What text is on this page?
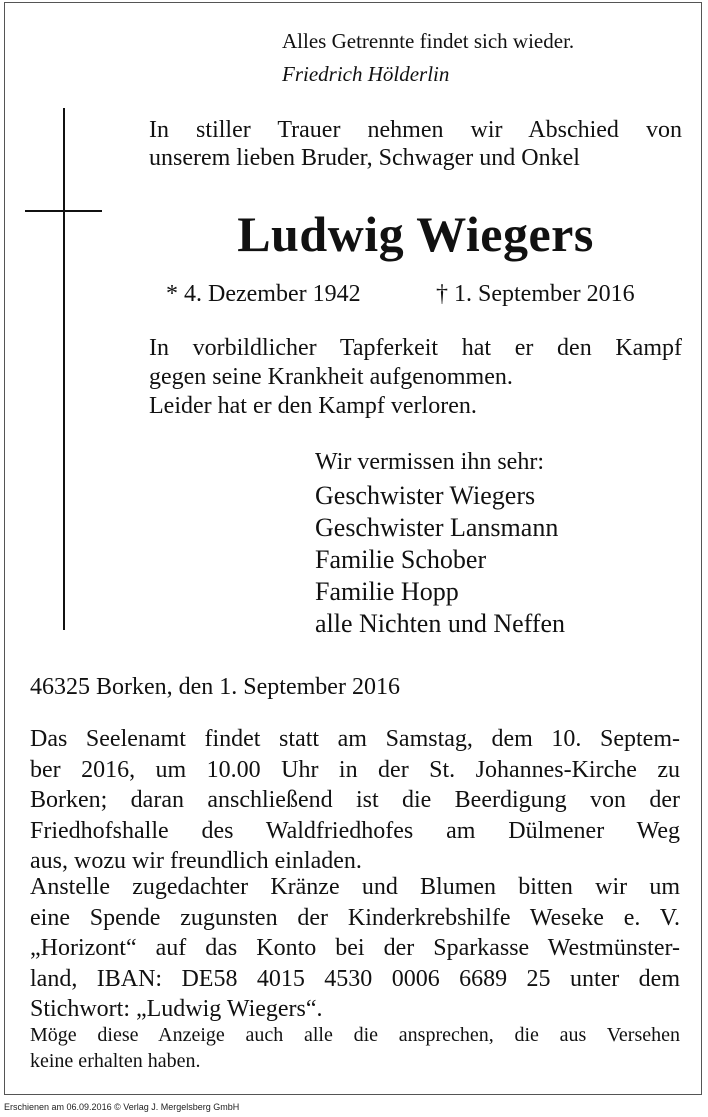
Alles Getrennte findet sich wieder.
Friedrich Hölderlin
In stiller Trauer nehmen wir Abschied von
unserem lieben Bruder, Schwager und Onkel
Ludwig Wiegers
* 4. Dezember 1942	† 1. September 2016
In vorbildlicher Tapferkeit hat er den Kampf
gegen seine Krankheit aufgenommen.
Leider hat er den Kampf verloren.
Wir vermissen ihn sehr:
Geschwister Wiegers
Geschwister Lansmann
Familie Schober
Familie Hopp
alle Nichten und Neffen
46325 Borken, den 1. September 2016
Das Seelenamt findet statt am Samstag, dem 10. Septem-
ber 2016, um 10.00 Uhr in der St. Johannes-Kirche zu
Borken; daran anschließend ist die Beerdigung von der
Friedhofshalle des Waldfriedhofes am Dülmener Weg
aus, wozu wir freundlich einladen.
Anstelle zugedachter Kränze und Blumen bitten wir um
eine Spende zugunsten der Kinderkrebshilfe Weseke e. V.
„Horizont“ auf das Konto bei der Sparkasse Westmünster-
land, IBAN: DE58 4015 4530 0006 6689 25 unter dem
Stichwort: „Ludwig Wiegers“.
Möge diese Anzeige auch alle die ansprechen, die aus Versehen
keine erhalten haben.
Erschienen am 06.09.2016 © Verlag J. Mergelsberg GmbH
